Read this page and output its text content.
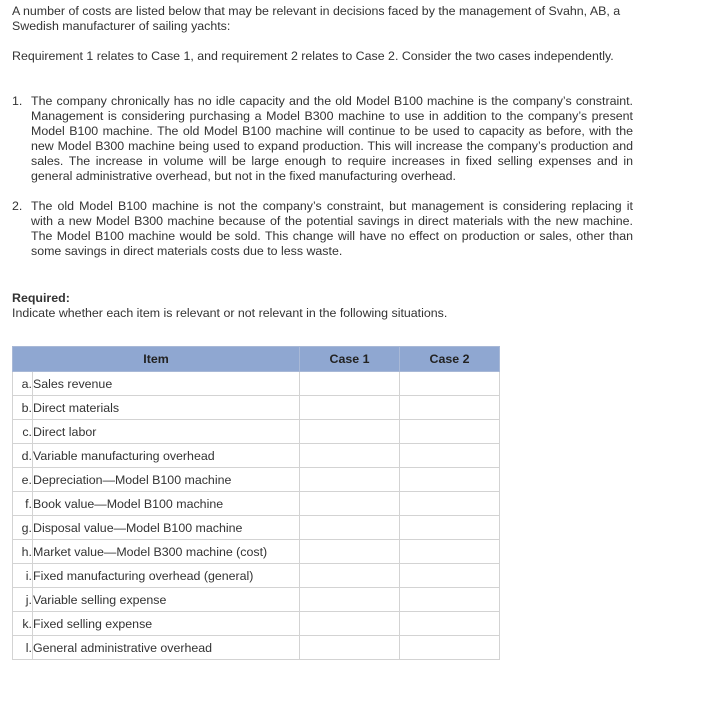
A number of costs are listed below that may be relevant in decisions faced by the management of Svahn, AB, a Swedish manufacturer of sailing yachts:

Requirement 1 relates to Case 1, and requirement 2 relates to Case 2. Consider the two cases independently.

1. The company chronically has no idle capacity and the old Model B100 machine is the company’s constraint. Management is considering purchasing a Model B300 machine to use in addition to the company’s present Model B100 machine. The old Model B100 machine will continue to be used to capacity as before, with the new Model B300 machine being used to expand production. This will increase the company’s production and sales. The increase in volume will be large enough to require increases in fixed selling expenses and in general administrative overhead, but not in the fixed manufacturing overhead.
2. The old Model B100 machine is not the company’s constraint, but management is considering replacing it with a new Model B300 machine because of the potential savings in direct materials with the new machine. The Model B100 machine would be sold. This change will have no effect on production or sales, other than some savings in direct materials costs due to less waste.

Required:

Indicate whether each item is relevant or not relevant in the following situations.

Item		Case 1	Case 2
a.	Sales revenue		
b.	Direct materials		
c.	Direct labor		
d.	Variable manufacturing overhead		
e.	Depreciation—Model B100 machine		
f.	Book value—Model B100 machine		
g.	Disposal value—Model B100 machine		
h.	Market value—Model B300 machine (cost)		
i.	Fixed manufacturing overhead (general)		
j.	Variable selling expense		
k.	Fixed selling expense		
l.	General administrative overhead		
